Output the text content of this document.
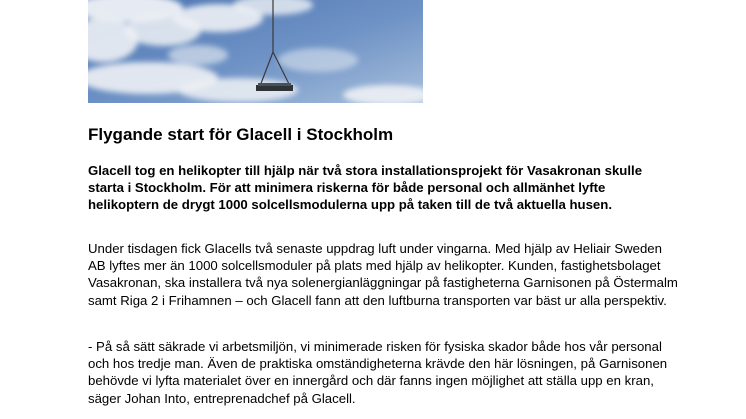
Flygande start för Glacell i Stockholm

Glacell tog en helikopter till hjälp när två stora installationsprojekt för Vasakronan skulle starta i Stockholm. För att minimera riskerna för både personal och allmänhet lyfte helikoptern de drygt 1000 solcellsmodulerna upp på taken till de två aktuella husen.

Under tisdagen fick Glacells två senaste uppdrag luft under vingarna. Med hjälp av Heliair Sweden AB lyftes mer än 1000 solcellsmoduler på plats med hjälp av helikopter. Kunden, fastighetsbolaget Vasakronan, ska installera två nya solenergianläggningar på fastigheterna Garnisonen på Östermalm samt Riga 2 i Frihamnen – och Glacell fann att den luftburna transporten var bäst ur alla perspektiv.

- På så sätt säkrade vi arbetsmiljön, vi minimerade risken för fysiska skador både hos vår personal och hos tredje man. Även de praktiska omständigheterna krävde den här lösningen, på Garnisonen behövde vi lyfta materialet över en innergård och där fanns ingen möjlighet att ställa upp en kran, säger Johan Into, entreprenadchef på Glacell.
